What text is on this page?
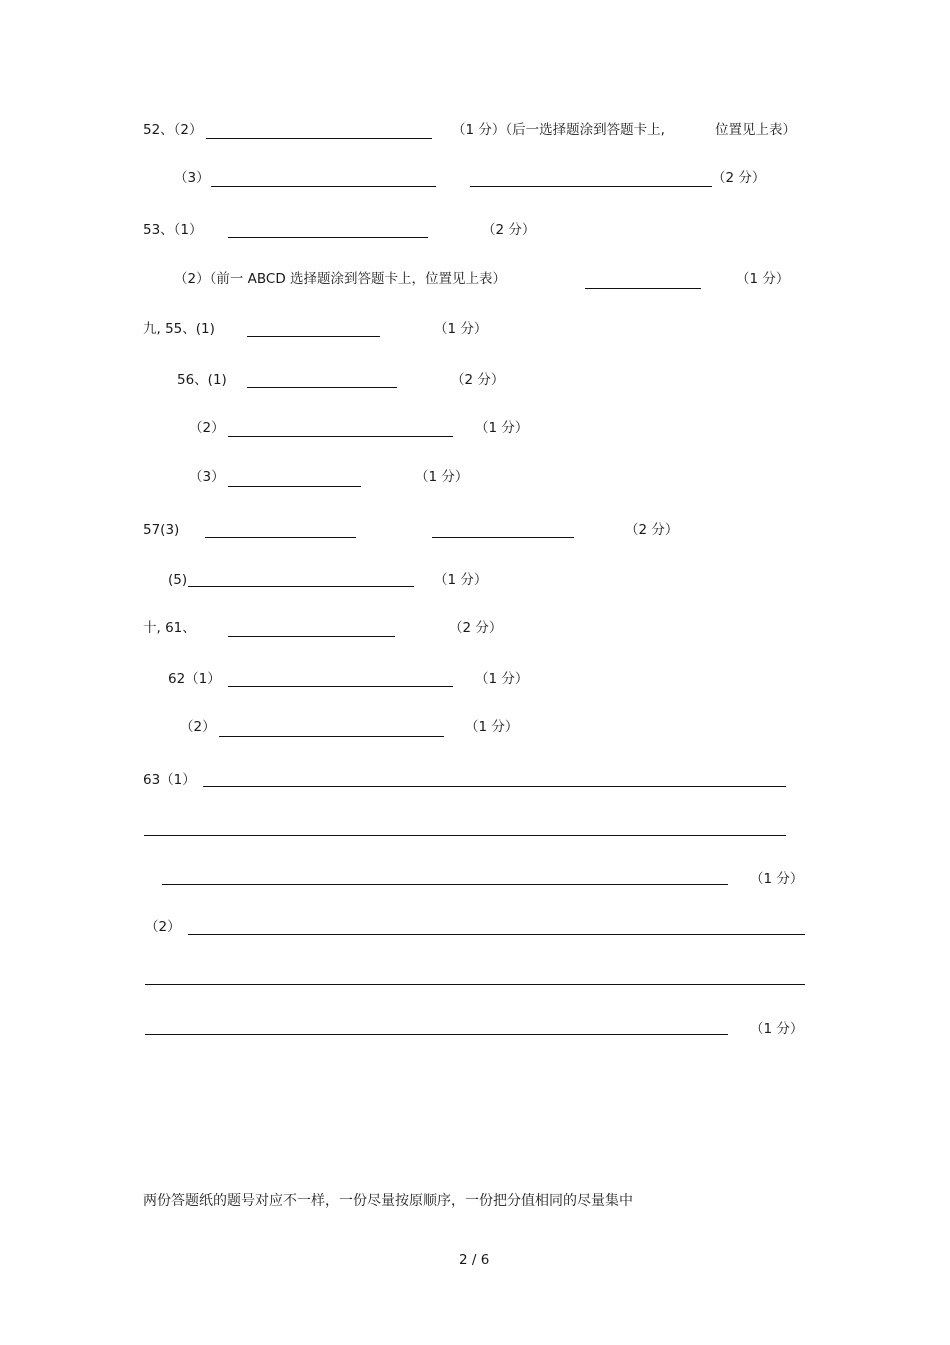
52、（2）	（1 分）（后一选择题涂到答题卡上,	位置见上表）
（3）	（2 分）
53、（1）	（2 分）
（2）（前一 ABCD 选择题涂到答题卡上，位置见上表）	（1 分）
九, 55、(1)	（1 分）
56、(1)	（2 分）
（2）	（1 分）
（3）	（1 分）
57(3)	（2 分）
(5)	（1 分）
十, 61、	（2 分）
62（1）	（1 分）
（2）	（1 分）
63（1）
（1 分）
（2）
（1 分）
两份答题纸的题号对应不一样，一份尽量按原顺序，一份把分值相同的尽量集中
2 / 6
